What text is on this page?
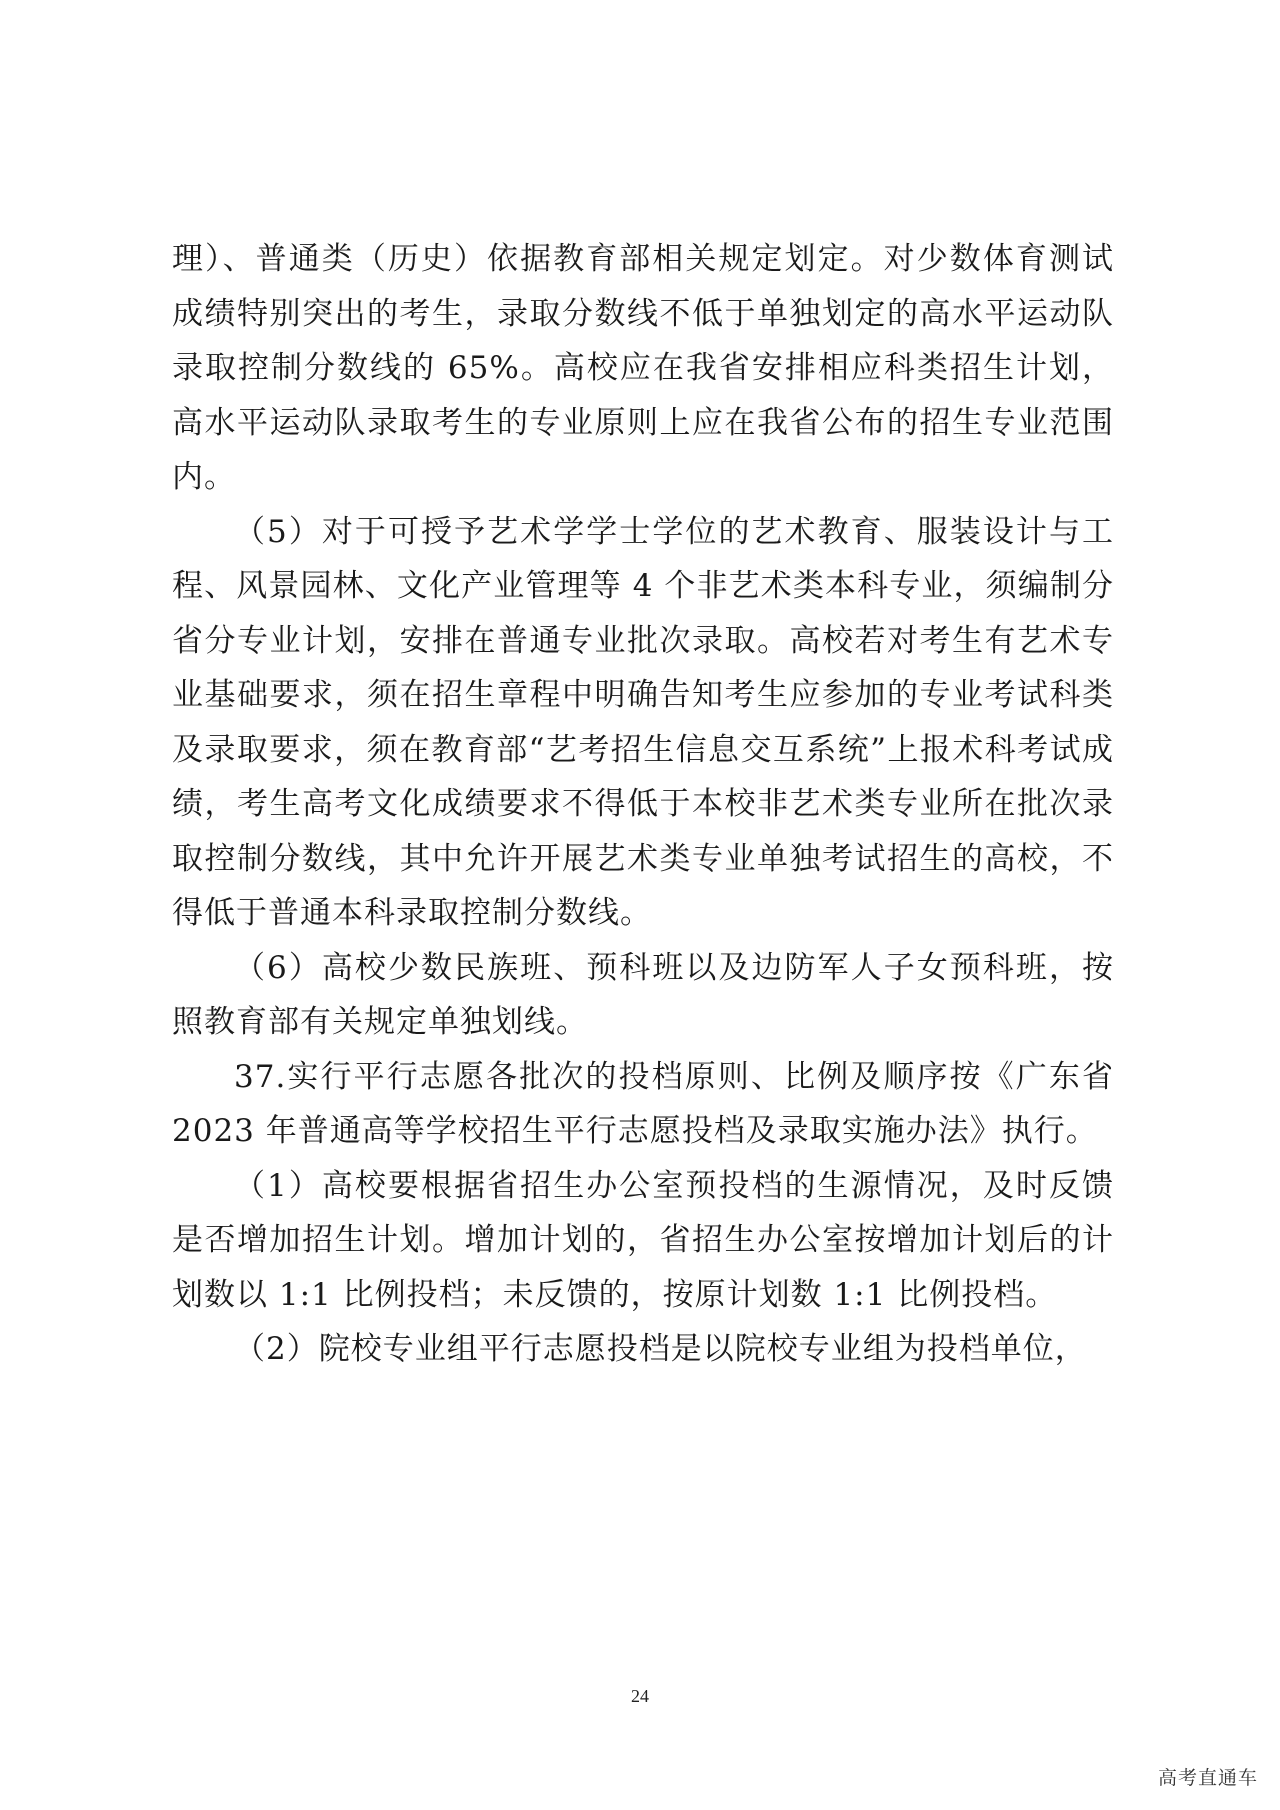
理）、普通类（历史）依据教育部相关规定划定。对少数体育测试成绩特别突出的考生，录取分数线不低于单独划定的高水平运动队录取控制分数线的 65%。高校应在我省安排相应科类招生计划，高水平运动队录取考生的专业原则上应在我省公布的招生专业范围内。

（5）对于可授予艺术学学士学位的艺术教育、服装设计与工程、风景园林、文化产业管理等 4 个非艺术类本科专业，须编制分省分专业计划，安排在普通专业批次录取。高校若对考生有艺术专业基础要求，须在招生章程中明确告知考生应参加的专业考试科类及录取要求，须在教育部“艺考招生信息交互系统”上报术科考试成绩，考生高考文化成绩要求不得低于本校非艺术类专业所在批次录取控制分数线，其中允许开展艺术类专业单独考试招生的高校，不得低于普通本科录取控制分数线。

（6）高校少数民族班、预科班以及边防军人子女预科班，按照教育部有关规定单独划线。

37.实行平行志愿各批次的投档原则、比例及顺序按《广东省 2023 年普通高等学校招生平行志愿投档及录取实施办法》执行。

（1）高校要根据省招生办公室预投档的生源情况，及时反馈是否增加招生计划。增加计划的，省招生办公室按增加计划后的计划数以 1:1 比例投档；未反馈的，按原计划数 1:1 比例投档。

（2）院校专业组平行志愿投档是以院校专业组为投档单位，

24
高考直通车
